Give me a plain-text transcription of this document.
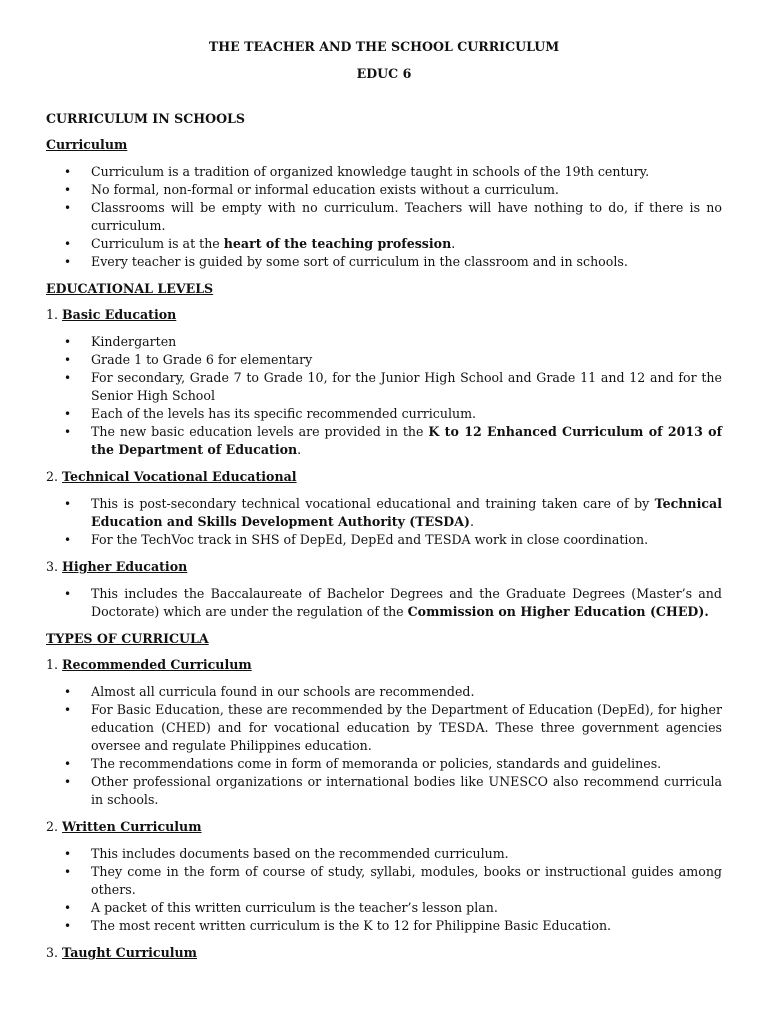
THE TEACHER AND THE SCHOOL CURRICULUM

EDUC 6

CURRICULUM IN SCHOOLS

Curriculum

• Curriculum is a tradition of organized knowledge taught in schools of the 19th century.
• No formal, non-formal or informal education exists without a curriculum.
• Classrooms will be empty with no curriculum. Teachers will have nothing to do, if there is no curriculum.
• Curriculum is at the heart of the teaching profession.
• Every teacher is guided by some sort of curriculum in the classroom and in schools.

EDUCATIONAL LEVELS

1. Basic Education

• Kindergarten
• Grade 1 to Grade 6 for elementary
• For secondary, Grade 7 to Grade 10, for the Junior High School and Grade 11 and 12 and for the Senior High School
• Each of the levels has its specific recommended curriculum.
• The new basic education levels are provided in the K to 12 Enhanced Curriculum of 2013 of the Department of Education.

2. Technical Vocational Educational

• This is post-secondary technical vocational educational and training taken care of by Technical Education and Skills Development Authority (TESDA).
• For the TechVoc track in SHS of DepEd, DepEd and TESDA work in close coordination.

3. Higher Education

• This includes the Baccalaureate of Bachelor Degrees and the Graduate Degrees (Master’s and Doctorate) which are under the regulation of the Commission on Higher Education (CHED).

TYPES OF CURRICULA

1. Recommended Curriculum

• Almost all curricula found in our schools are recommended.
• For Basic Education, these are recommended by the Department of Education (DepEd), for higher education (CHED) and for vocational education by TESDA. These three government agencies oversee and regulate Philippines education.
• The recommendations come in form of memoranda or policies, standards and guidelines.
• Other professional organizations or international bodies like UNESCO also recommend curricula in schools.

2. Written Curriculum

• This includes documents based on the recommended curriculum.
• They come in the form of course of study, syllabi, modules, books or instructional guides among others.
• A packet of this written curriculum is the teacher’s lesson plan.
• The most recent written curriculum is the K to 12 for Philippine Basic Education.

3. Taught Curriculum
